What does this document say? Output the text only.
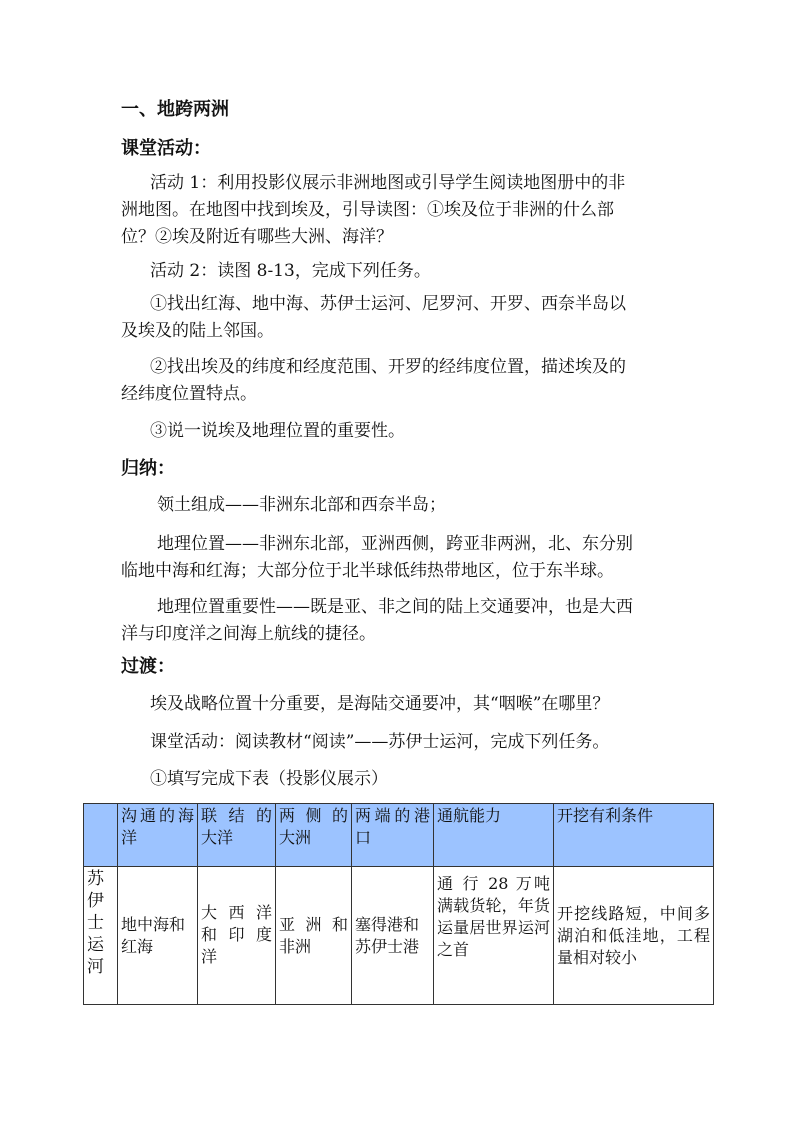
一、地跨两洲
课堂活动：
活动 1：利用投影仪展示非洲地图或引导学生阅读地图册中的非
洲地图。在地图中找到埃及，引导读图：①埃及位于非洲的什么部
位？②埃及附近有哪些大洲、海洋？
活动 2：读图 8-13，完成下列任务。
①找出红海、地中海、苏伊士运河、尼罗河、开罗、西奈半岛以
及埃及的陆上邻国。
②找出埃及的纬度和经度范围、开罗的经纬度位置，描述埃及的
经纬度位置特点。
③说一说埃及地理位置的重要性。
归纳：
领土组成——非洲东北部和西奈半岛；
地理位置——非洲东北部，亚洲西侧，跨亚非两洲，北、东分别
临地中海和红海；大部分位于北半球低纬热带地区，位于东半球。
地理位置重要性——既是亚、非之间的陆上交通要冲，也是大西
洋与印度洋之间海上航线的捷径。
过渡：
埃及战略位置十分重要，是海陆交通要冲，其“咽喉”在哪里？
课堂活动：阅读教材“阅读”——苏伊士运河，完成下列任务。
①填写完成下表（投影仪展示）
	沟通的海洋	联 结 的大洋	两 侧 的大洲	两端的港口	通航能力	开挖有利条件
苏伊士运河	地中海和红海	大 西 洋和 印 度洋	亚 洲 和非洲	塞得港和苏伊士港	通 行 28 万吨满载货轮，年货运量居世界运河之首	开挖线路短，中间多湖泊和低洼地，工程量相对较小
